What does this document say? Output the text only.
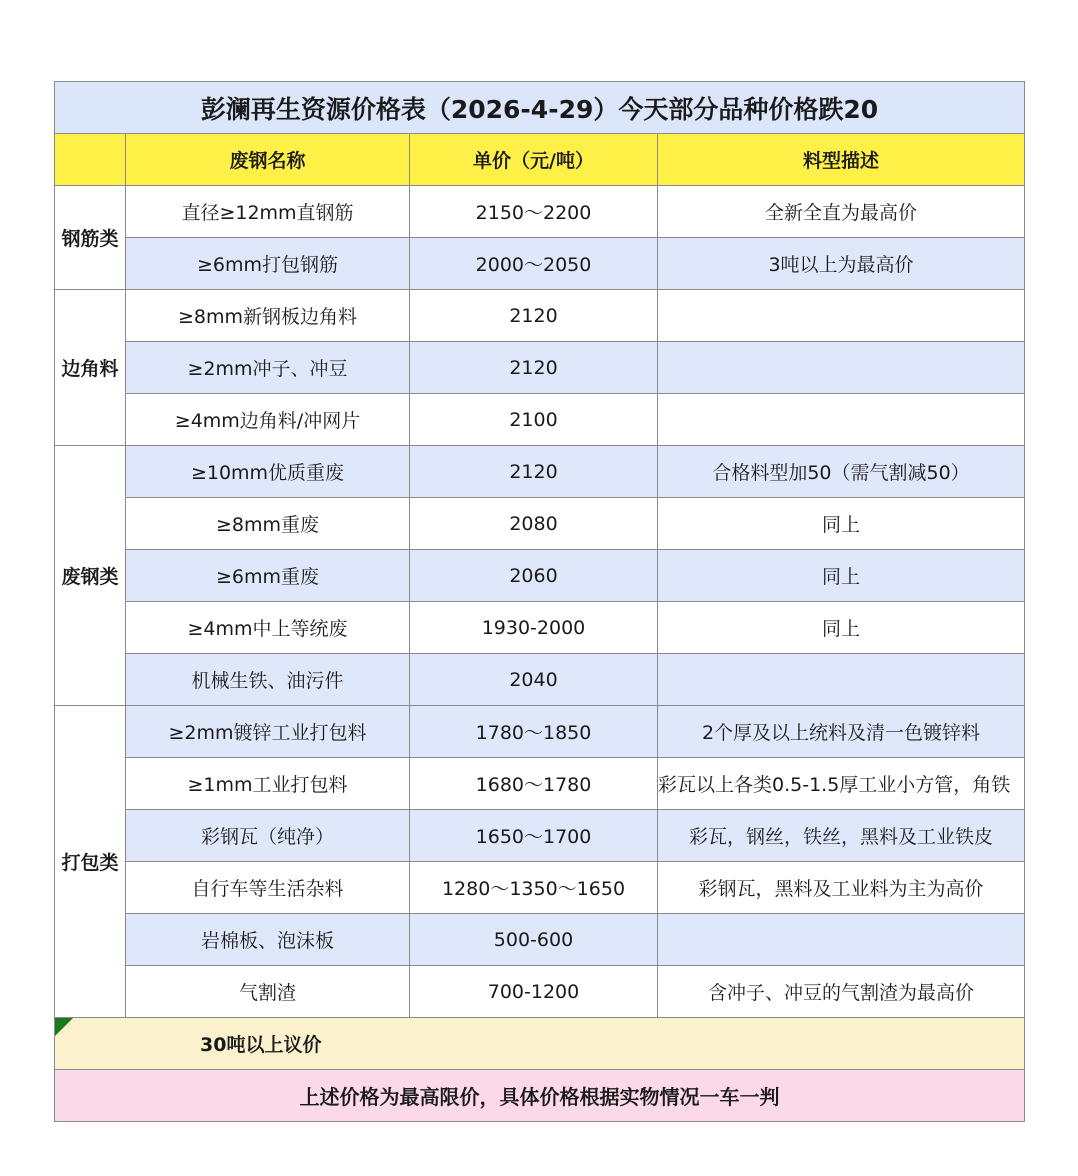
彭澜再生资源价格表（2026-4-29）今天部分品种价格跌20			
	废钢名称	单价（元/吨）	料型描述
钢筋类	直径≥12mm直钢筋	2150～2200	全新全直为最高价
	≥6mm打包钢筋	2000～2050	3吨以上为最高价
边角料	≥8mm新钢板边角料	2120	
	≥2mm冲子、冲豆	2120	
	≥4mm边角料/冲网片	2100	
废钢类	≥10mm优质重废	2120	合格料型加50（需气割减50）
	≥8mm重废	2080	同上
	≥6mm重废	2060	同上
	≥4mm中上等统废	1930-2000	同上
	机械生铁、油污件	2040	
打包类	≥2mm镀锌工业打包料	1780～1850	2个厚及以上统料及清一色镀锌料
	≥1mm工业打包料	1680～1780	彩瓦以上各类0.5-1.5厚工业小方管，角铁
	彩钢瓦（纯净）	1650～1700	彩瓦，钢丝，铁丝，黑料及工业铁皮
	自行车等生活杂料	1280～1350～1650	彩钢瓦，黑料及工业料为主为高价
	岩棉板、泡沫板	500-600	
	气割渣	700-1200	含冲子、冲豆的气割渣为最高价

30吨以上议价			
上述价格为最高限价，具体价格根据实物情况一车一判			
